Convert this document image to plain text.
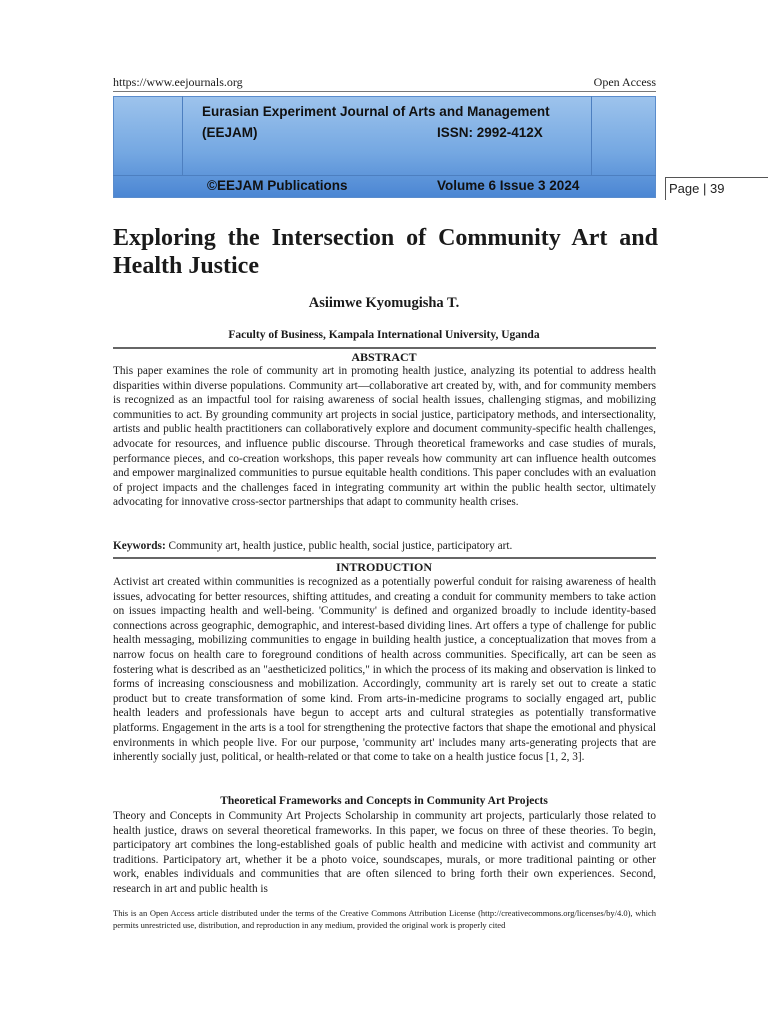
https://www.eejournals.org	Open Access
Eurasian Experiment Journal of Arts and Management
(EEJAM)	ISSN: 2992-412X
©EEJAM Publications	Volume 6 Issue 3 2024	Page | 39
Exploring the Intersection of Community Art and Health Justice
Asiimwe Kyomugisha T.
Faculty of Business, Kampala International University, Uganda
ABSTRACT
This paper examines the role of community art in promoting health justice, analyzing its potential to address health disparities within diverse populations. Community art—collaborative art created by, with, and for community members is recognized as an impactful tool for raising awareness of social health issues, challenging stigmas, and mobilizing communities to act. By grounding community art projects in social justice, participatory methods, and intersectionality, artists and public health practitioners can collaboratively explore and document community-specific health challenges, advocate for resources, and influence public discourse. Through theoretical frameworks and case studies of murals, performance pieces, and co-creation workshops, this paper reveals how community art can influence health outcomes and empower marginalized communities to pursue equitable health conditions. This paper concludes with an evaluation of project impacts and the challenges faced in integrating community art within the public health sector, ultimately advocating for innovative cross-sector partnerships that adapt to community health crises.
Keywords: Community art, health justice, public health, social justice, participatory art.
INTRODUCTION
Activist art created within communities is recognized as a potentially powerful conduit for raising awareness of health issues, advocating for better resources, shifting attitudes, and creating a conduit for community members to take action on issues impacting health and well-being. 'Community' is defined and organized broadly to include identity-based connections across geographic, demographic, and interest-based dividing lines. Art offers a type of challenge for public health messaging, mobilizing communities to engage in building health justice, a conceptualization that moves from a narrow focus on health care to foreground conditions of health across communities. Specifically, art can be seen as fostering what is described as an "aestheticized politics," in which the process of its making and observation is linked to forms of increasing consciousness and mobilization. Accordingly, community art is rarely set out to create a static product but to create transformation of some kind. From arts-in-medicine programs to socially engaged art, public health leaders and professionals have begun to accept arts and cultural strategies as potentially transformative platforms. Engagement in the arts is a tool for strengthening the protective factors that shape the emotional and physical environments in which people live. For our purpose, 'community art' includes many arts-generating projects that are inherently socially just, political, or health-related or that come to take on a health justice focus [1, 2, 3].
Theoretical Frameworks and Concepts in Community Art Projects
Theory and Concepts in Community Art Projects Scholarship in community art projects, particularly those related to health justice, draws on several theoretical frameworks. In this paper, we focus on three of these theories. To begin, participatory art combines the long-established goals of public health and medicine with activist and community art traditions. Participatory art, whether it be a photo voice, soundscapes, murals, or more traditional painting or other work, enables individuals and communities that are often silenced to bring forth their own experiences. Second, research in art and public health is
This is an Open Access article distributed under the terms of the Creative Commons Attribution License (http://creativecommons.org/licenses/by/4.0), which permits unrestricted use, distribution, and reproduction in any medium, provided the original work is properly cited
